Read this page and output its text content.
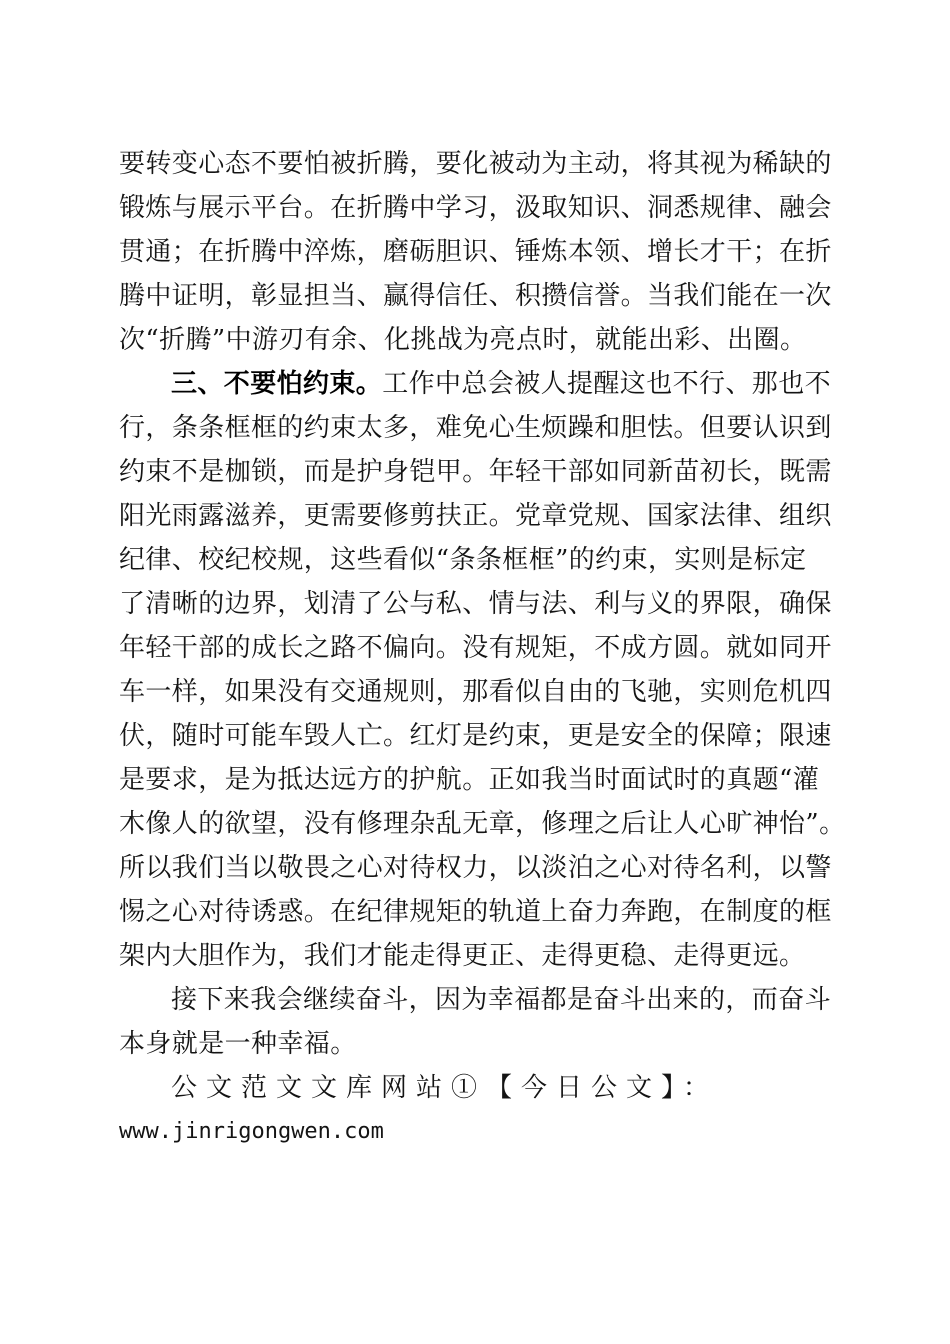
要转变心态不要怕被折腾，要化被动为主动，将其视为稀缺的
锻炼与展示平台。在折腾中学习，汲取知识、洞悉规律、融会
贯通；在折腾中淬炼，磨砺胆识、锤炼本领、增长才干；在折
腾中证明，彰显担当、赢得信任、积攒信誉。当我们能在一次
次“折腾”中游刃有余、化挑战为亮点时，就能出彩、出圈。
三、不要怕约束。工作中总会被人提醒这也不行、那也不
行，条条框框的约束太多，难免心生烦躁和胆怯。但要认识到
约束不是枷锁，而是护身铠甲。年轻干部如同新苗初长，既需
阳光雨露滋养，更需要修剪扶正。党章党规、国家法律、组织
纪律、校纪校规，这些看似“条条框框”的约束，实则是标定
了清晰的边界，划清了公与私、情与法、利与义的界限，确保
年轻干部的成长之路不偏向。没有规矩，不成方圆。就如同开
车一样，如果没有交通规则，那看似自由的飞驰，实则危机四
伏，随时可能车毁人亡。红灯是约束，更是安全的保障；限速
是要求，是为抵达远方的护航。正如我当时面试时的真题“灌
木像人的欲望，没有修理杂乱无章，修理之后让人心旷神怡”。
所以我们当以敬畏之心对待权力，以淡泊之心对待名利，以警
惕之心对待诱惑。在纪律规矩的轨道上奋力奔跑，在制度的框
架内大胆作为，我们才能走得更正、走得更稳、走得更远。
接下来我会继续奋斗，因为幸福都是奋斗出来的，而奋斗
本身就是一种幸福。
公文范文文库网站①【今日公文】：
www.jinrigongwen.com
